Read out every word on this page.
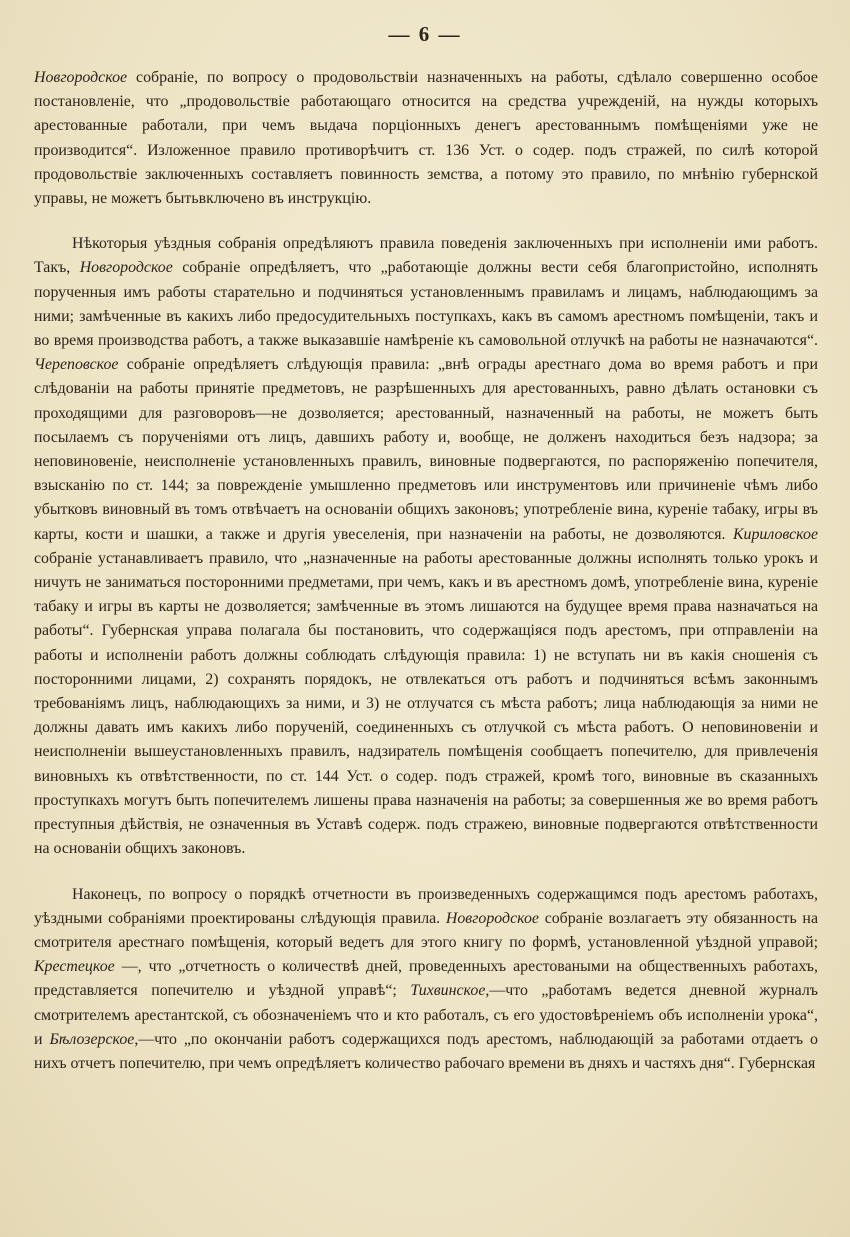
— 6 —

Новгородское собраніе, по вопросу о продовольствіи назначенныхъ на работы, сдѣлало совершенно особое постановленіе, что „продовольствіе работающаго относится на средства учрежденій, на нужды которыхъ арестованные работали, при чемъ выдача порціонныхъ денегъ арестованнымъ помѣщеніями уже не производится“. Изложенное правило противорѣчитъ ст. 136 Уст. о содер. подъ стражей, по силѣ которой продовольствіе заключенныхъ составляетъ повинность земства, а потому это правило, по мнѣнію губернской управы, не можетъ бытьвключено въ инструкцію.

Нѣкоторыя уѣздныя собранія опредѣляютъ правила поведенія заключенныхъ при исполненіи ими работъ. Такъ, Новгородское собраніе опредѣляетъ, что „работающіе должны вести себя благопристойно, исполнять порученныя имъ работы старательно и подчиняться установленнымъ правиламъ и лицамъ, наблюдающимъ за ними; замѣченные въ какихъ либо предосудительныхъ поступкахъ, какъ въ самомъ арестномъ помѣщеніи, такъ и во время производства работъ, а также выказавшіе намѣреніе къ самовольной отлучкѣ на работы не назначаются“. Череповское собраніе опредѣляетъ слѣдующія правила: „внѣ ограды арестнаго дома во время работъ и при слѣдованіи на работы принятіе предметовъ, не разрѣшенныхъ для арестованныхъ, равно дѣлать остановки съ проходящими для разговоровъ—не дозволяется; арестованный, назначенный на работы, не можетъ быть посылаемъ съ порученіями отъ лицъ, давшихъ работу и, вообще, не долженъ находиться безъ надзора; за неповиновеніе, неисполненіе установленныхъ правилъ, виновные подвергаются, по распоряженію попечителя, взысканію по ст. 144; за поврежденіе умышленно предметовъ или инструментовъ или причиненіе чѣмъ либо убытковъ виновный въ томъ отвѣчаетъ на основаніи общихъ законовъ; употребленіе вина, куреніе табаку, игры въ карты, кости и шашки, а также и другія увеселенія, при назначеніи на работы, не дозволяются. Кириловское собраніе устанавливаетъ правило, что „назначенные на работы арестованные должны исполнять только урокъ и ничуть не заниматься посторонними предметами, при чемъ, какъ и въ арестномъ домѣ, употребленіе вина, куреніе табаку и игры въ карты не дозволяется; замѣченные въ этомъ лишаются на будущее время права назначаться на работы“. Губернская управа полагала бы постановить, что содержащіяся подъ арестомъ, при отправленіи на работы и исполненіи работъ должны соблюдать слѣдующія правила: 1) не вступать ни въ какія сношенія съ посторонними лицами, 2) сохранять порядокъ, не отвлекаться отъ работъ и подчиняться всѣмъ законнымъ требованіямъ лицъ, наблюдающихъ за ними, и 3) не отлучатся съ мѣста работъ; лица наблюдающія за ними не должны давать имъ какихъ либо порученій, соединенныхъ съ отлучкой съ мѣста работъ. О неповиновеніи и неисполненіи вышеустановленныхъ правилъ, надзиратель помѣщенія сообщаетъ попечителю, для привлеченія виновныхъ къ отвѣтственности, по ст. 144 Уст. о содер. подъ стражей, кромѣ того, виновные въ сказанныхъ проступкахъ могутъ быть попечителемъ лишены права назначенія на работы; за совершенныя же во время работъ преступныя дѣйствія, не означенныя въ Уставѣ содерж. подъ стражею, виновные подвергаются отвѣтственности на основаніи общихъ законовъ.

Наконецъ, по вопросу о порядкѣ отчетности въ произведенныхъ содержащимся подъ арестомъ работахъ, уѣздными собраніями проектированы слѣдующія правила. Новгородское собраніе возлагаетъ эту обязанность на смотрителя арестнаго помѣщенія, который ведетъ для этого книгу по формѣ, установленной уѣздной управой; Крестецкое —, что „отчетность о количествѣ дней, проведенныхъ арестоваными на общественныхъ работахъ, представляется попечителю и уѣздной управѣ“; Тихвинское,—что „работамъ ведется дневной журналъ смотрителемъ арестантской, съ обозначеніемъ что и кто работалъ, съ его удостовѣреніемъ объ исполненіи урока“, и Бѣлозерское,—что „по окончаніи работъ содержащихся подъ арестомъ, наблюдающій за работами отдаетъ о нихъ отчетъ попечителю, при чемъ опредѣляетъ количество рабочаго времени въ дняхъ и частяхъ дня“. Губернская
